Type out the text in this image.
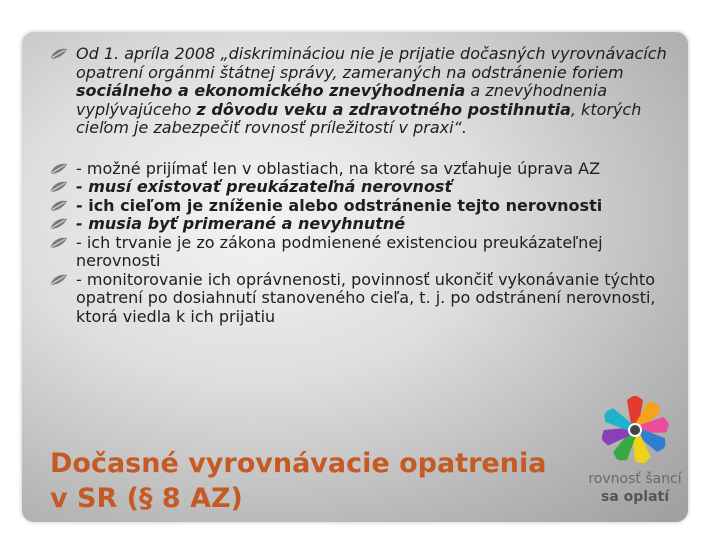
Od 1. apríla 2008 „diskrimináciou nie je prijatie dočasných vyrovnávacích opatrení orgánmi štátnej správy, zameraných na odstránenie foriem sociálneho a ekonomického znevýhodnenia a znevýhodnenia vyplývajúceho z dôvodu veku a zdravotného postihnutia, ktorých cieľom je zabezpečiť rovnosť príležitostí v praxi“.
- možné prijímať len v oblastiach, na ktoré sa vzťahuje úprava AZ
- musí existovať preukázateľná nerovnosť
- ich cieľom je zníženie alebo odstránenie tejto nerovnosti
- musia byť primerané a nevyhnutné
- ich trvanie je zo zákona podmienené existenciou preukázateľnej nerovnosti
- monitorovanie ich oprávnenosti, povinnosť ukončiť vykonávanie týchto opatrení po dosiahnutí stanoveného cieľa, t. j. po odstránení nerovnosti, ktorá viedla k ich prijatiu
Dočasné vyrovnávacie opatrenia
v SR (§ 8 AZ)
rovnosť šancí
sa oplatí
